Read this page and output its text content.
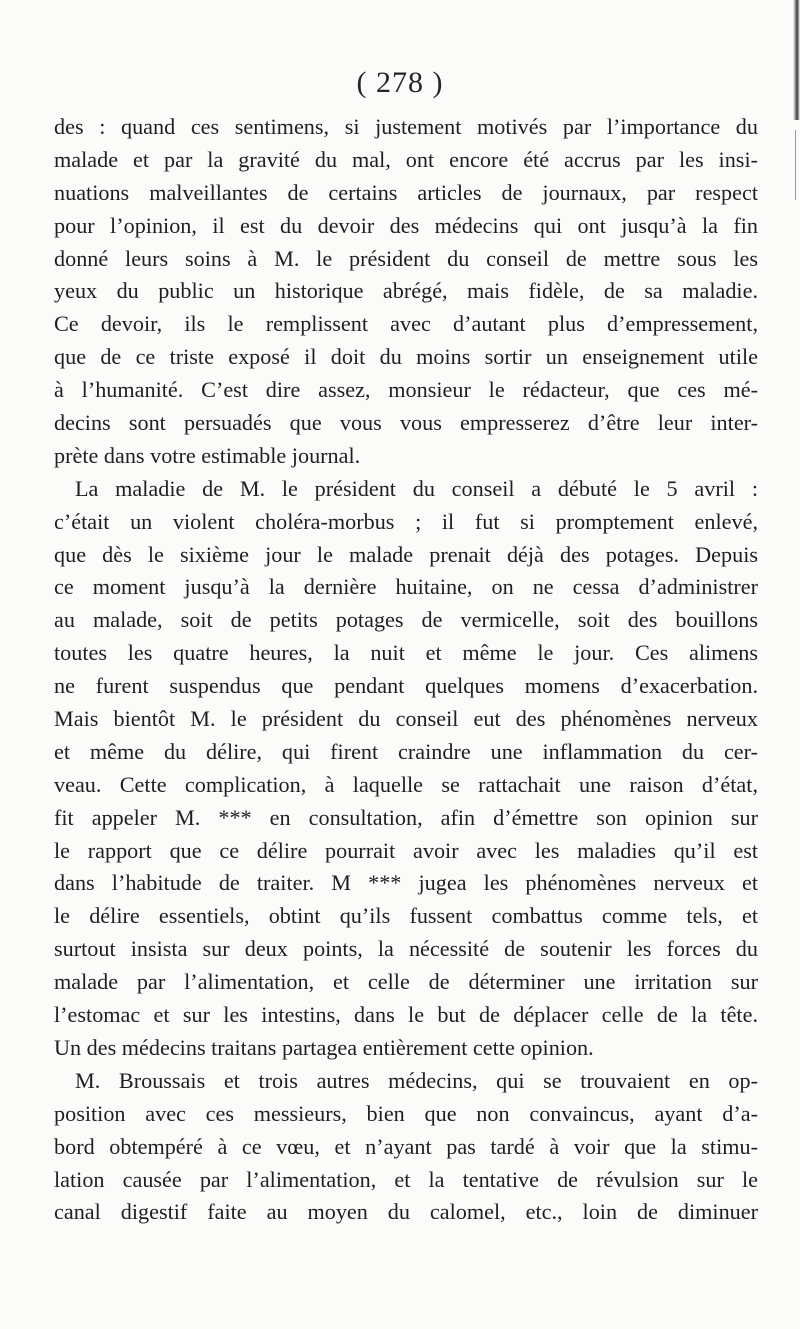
( 278 )
des : quand ces sentimens, si justement motivés par l’importance du
malade et par la gravité du mal, ont encore été accrus par les insi-
nuations malveillantes de certains articles de journaux, par respect
pour l’opinion, il est du devoir des médecins qui ont jusqu’à la fin
donné leurs soins à M. le président du conseil de mettre sous les
yeux du public un historique abrégé, mais fidèle, de sa maladie.
Ce devoir, ils le remplissent avec d’autant plus d’empressement,
que de ce triste exposé il doit du moins sortir un enseignement utile
à l’humanité. C’est dire assez, monsieur le rédacteur, que ces mé-
decins sont persuadés que vous vous empresserez d’être leur inter-
prète dans votre estimable journal.
La maladie de M. le président du conseil a débuté le 5 avril :
c’était un violent choléra-morbus ; il fut si promptement enlevé,
que dès le sixième jour le malade prenait déjà des potages. Depuis
ce moment jusqu’à la dernière huitaine, on ne cessa d’administrer
au malade, soit de petits potages de vermicelle, soit des bouillons
toutes les quatre heures, la nuit et même le jour. Ces alimens
ne furent suspendus que pendant quelques momens d’exacerbation.
Mais bientôt M. le président du conseil eut des phénomènes nerveux
et même du délire, qui firent craindre une inflammation du cer-
veau. Cette complication, à laquelle se rattachait une raison d’état,
fit appeler M. *** en consultation, afin d’émettre son opinion sur
le rapport que ce délire pourrait avoir avec les maladies qu’il est
dans l’habitude de traiter. M *** jugea les phénomènes nerveux et
le délire essentiels, obtint qu’ils fussent combattus comme tels, et
surtout insista sur deux points, la nécessité de soutenir les forces du
malade par l’alimentation, et celle de déterminer une irritation sur
l’estomac et sur les intestins, dans le but de déplacer celle de la tête.
Un des médecins traitans partagea entièrement cette opinion.
M. Broussais et trois autres médecins, qui se trouvaient en op-
position avec ces messieurs, bien que non convaincus, ayant d’a-
bord obtempéré à ce vœu, et n’ayant pas tardé à voir que la stimu-
lation causée par l’alimentation, et la tentative de révulsion sur le
canal digestif faite au moyen du calomel, etc., loin de diminuer
